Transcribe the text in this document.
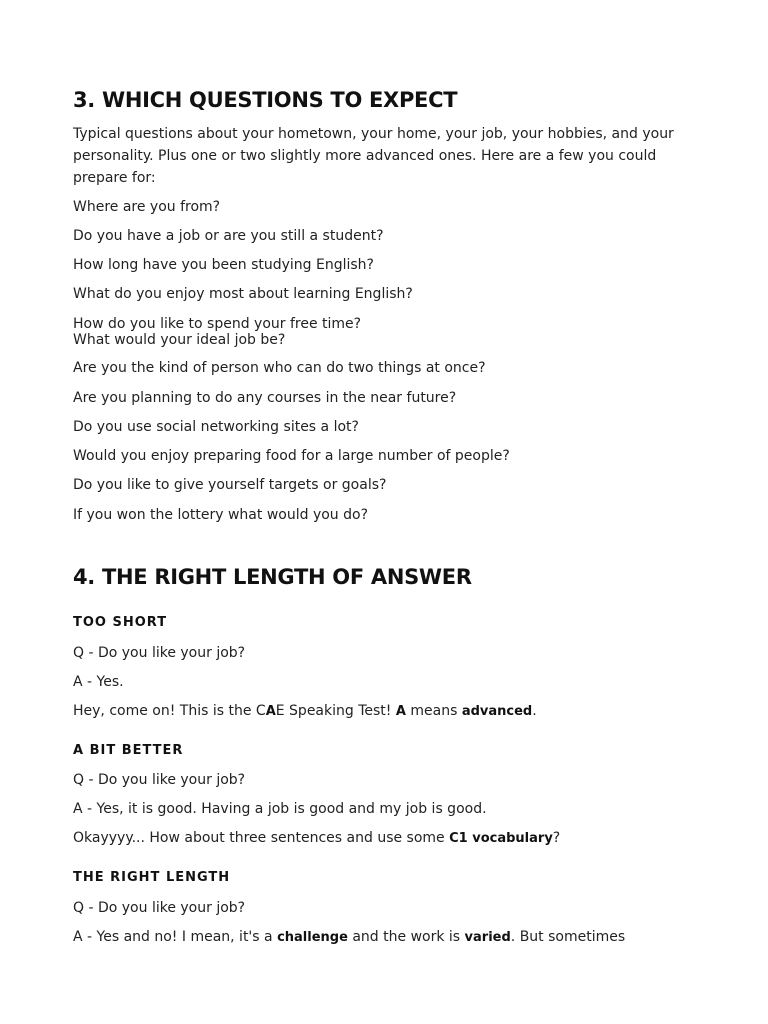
3. WHICH QUESTIONS TO EXPECT

Typical questions about your hometown, your home, your job, your hobbies, and your personality. Plus one or two slightly more advanced ones. Here are a few you could prepare for:

Where are you from?

Do you have a job or are you still a student?

How long have you been studying English?

What do you enjoy most about learning English?

How do you like to spend your free time?

What would your ideal job be?

Are you the kind of person who can do two things at once?

Are you planning to do any courses in the near future?

Do you use social networking sites a lot?

Would you enjoy preparing food for a large number of people?

Do you like to give yourself targets or goals?

If you won the lottery what would you do?

4. THE RIGHT LENGTH OF ANSWER
TOO SHORT

Q - Do you like your job?

A - Yes.

Hey, come on! This is the CAE Speaking Test! A means advanced.

A BIT BETTER

Q - Do you like your job?

A - Yes, it is good. Having a job is good and my job is good.

Okayyyy... How about three sentences and use some C1 vocabulary?

THE RIGHT LENGTH

Q - Do you like your job?

A - Yes and no! I mean, it's a challenge and the work is varied. But sometimes
